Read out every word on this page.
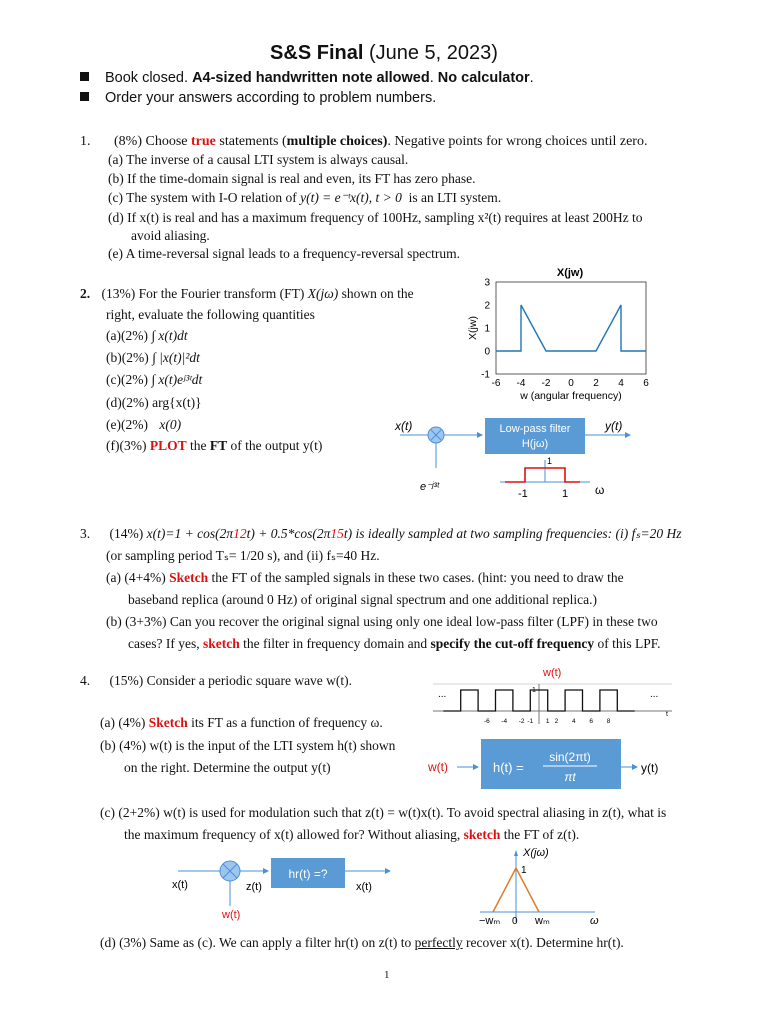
S&S Final (June 5, 2023)
Book closed. A4-sized handwritten note allowed. No calculator.
Order your answers according to problem numbers.
1. (8%) Choose true statements (multiple choices). Negative points for wrong choices until zero.
(a) The inverse of a causal LTI system is always causal.
(b) If the time-domain signal is real and even, its FT has zero phase.
(c) The system with I-O relation of y(t) = e⁻ᵗx(t), t > 0 is an LTI system.
(d) If x(t) is real and has a maximum frequency of 100Hz, sampling x²(t) requires at least 200Hz to
avoid aliasing.
(e) A time-reversal signal leads to a frequency-reversal spectrum.
2. (13%) For the Fourier transform (FT) X(jω) shown on the
right, evaluate the following quantities
(a)(2%) ∫ x(t)dt
(b)(2%) ∫ |x(t)|²dt
(c)(2%) ∫ x(t)eʲ³ᵗdt
(d)(2%) arg{x(t)}
(e)(2%) x(0)
(f)(3%) PLOT the FT of the output y(t)
X(jw)
-6 -4 -2 0 2 4 6
3
2
1
0
-1
w (angular frequency)
X(jw)
x(t)
e⁻ʲ³ᵗ
Low-pass filter
H(jω)
y(t)
1
-1	1 ω
3. (14%) x(t)=1 + cos(2π12t) + 0.5*cos(2π15t) is ideally sampled at two sampling frequencies: (i) fₛ=20 Hz
(or sampling period Tₛ= 1/20 s), and (ii) fₛ=40 Hz.
(a) (4+4%) Sketch the FT of the sampled signals in these two cases. (hint: you need to draw the
baseband replica (around 0 Hz) of original signal spectrum and one additional replica.)
(b) (3+3%) Can you recover the original signal using only one ideal low-pass filter (LPF) in these two
cases? If yes, sketch the filter in frequency domain and specify the cut-off frequency of this LPF.
4. (15%) Consider a periodic square wave w(t).	w(t)
1
...	...
t
-6 -4 -2 -1 1 2 4 6 8
(a) (4%) Sketch its FT as a function of frequency ω.
(b) (4%) w(t) is the input of the LTI system h(t) shown
on the right. Determine the output y(t)	w(t)	h(t) =
sin(2πt)
πt
y(t)
(c) (2+2%) w(t) is used for modulation such that z(t) = w(t)x(t). To avoid spectral aliasing in z(t), what is
the maximum frequency of x(t) allowed for? Without aliasing, sketch the FT of z(t).
x(t)
w(t)
z(t)
hr(t) =?
x(t)
X(jω)
1
−wₘ 0 wₘ	ω
(d) (3%) Same as (c). We can apply a filter hr(t) on z(t) to perfectly recover x(t). Determine hr(t).
1
